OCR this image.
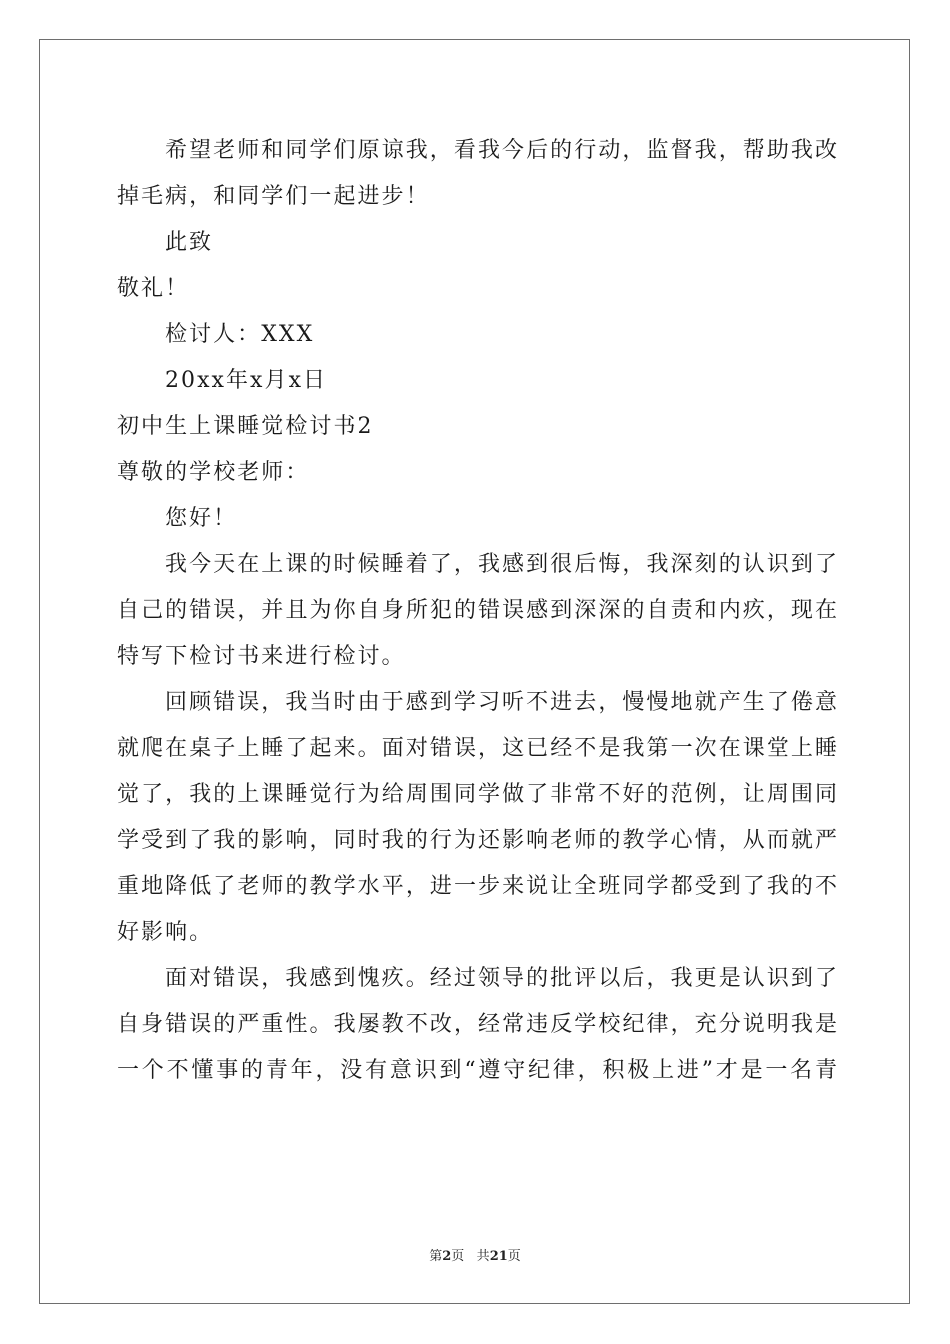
希望老师和同学们原谅我，看我今后的行动，监督我，帮助我改
掉毛病，和同学们一起进步！
此致
敬礼！
检讨人：XXX
20xx年x月x日
初中生上课睡觉检讨书2
尊敬的学校老师：
您好！
我今天在上课的时候睡着了，我感到很后悔，我深刻的认识到了
自己的错误，并且为你自身所犯的错误感到深深的自责和内疚，现在
特写下检讨书来进行检讨。
回顾错误，我当时由于感到学习听不进去，慢慢地就产生了倦意
就爬在桌子上睡了起来。面对错误，这已经不是我第一次在课堂上睡
觉了，我的上课睡觉行为给周围同学做了非常不好的范例，让周围同
学受到了我的影响，同时我的行为还影响老师的教学心情，从而就严
重地降低了老师的教学水平，进一步来说让全班同学都受到了我的不
好影响。
面对错误，我感到愧疚。经过领导的批评以后，我更是认识到了
自身错误的严重性。我屡教不改，经常违反学校纪律，充分说明我是
一个不懂事的青年，没有意识到“遵守纪律，积极上进”才是一名青
第2页 共21页
